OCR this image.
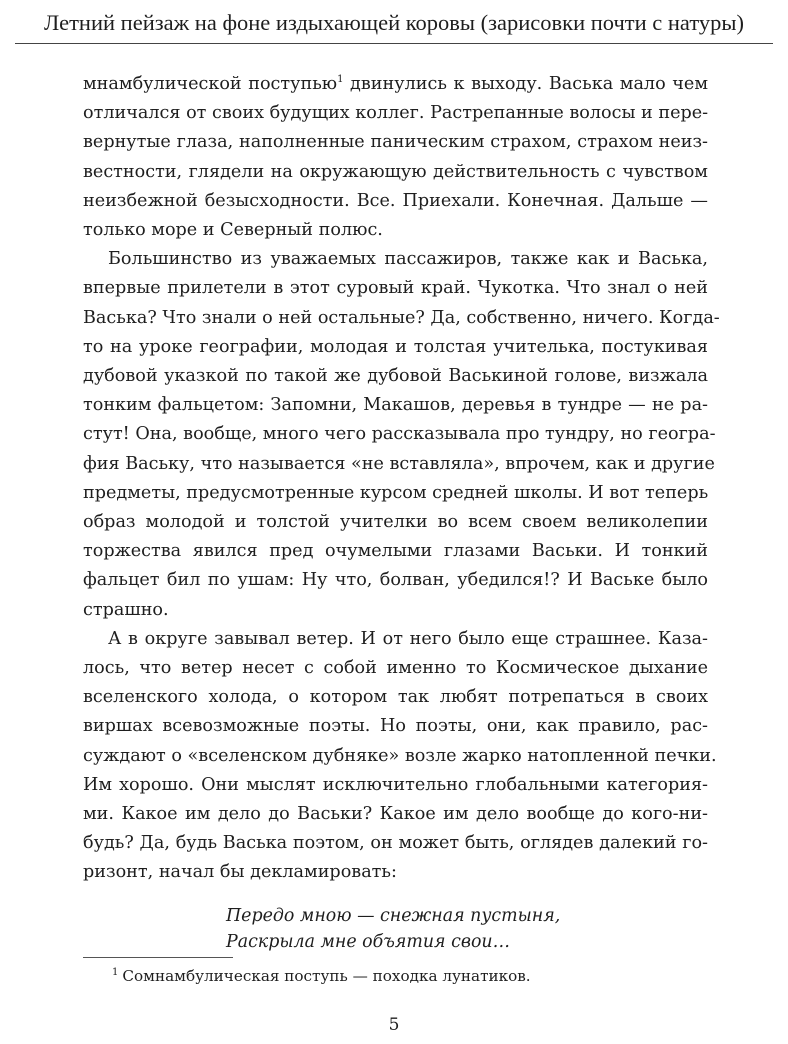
Летний пейзаж на фоне издыхающей коровы (зарисовки почти с натуры)
мнамбулической поступью$^1$ двинулись к выходу. Васька мало чем
отличался от своих будущих коллег. Растрепанные волосы и пере-
вернутые глаза, наполненные паническим страхом, страхом неиз-
вестности, глядели на окружающую действительность с чувством
неизбежной безысходности. Все. Приехали. Конечная. Дальше —
только море и Северный полюс.
Большинство из уважаемых пассажиров, также как и Васька,
впервые прилетели в этот суровый край. Чукотка. Что знал о ней
Васька? Что знали о ней остальные? Да, собственно, ничего. Когда-
то на уроке географии, молодая и толстая учителька, постукивая
дубовой указкой по такой же дубовой Васькиной голове, визжала
тонким фальцетом: Запомни, Макашов, деревья в тундре — не ра-
стут! Она, вообще, много чего рассказывала про тундру, но геогра-
фия Ваську, что называется «не вставляла», впрочем, как и другие
предметы, предусмотренные курсом средней школы. И вот теперь
образ молодой и толстой учителки во всем своем великолепии
торжества явился пред очумелыми глазами Васьки. И тонкий
фальцет бил по ушам: Ну что, болван, убедился!? И Ваське было
страшно.
А в округе завывал ветер. И от него было еще страшнее. Каза-
лось, что ветер несет с собой именно то Космическое дыхание
вселенского холода, о котором так любят потрепаться в своих
виршах всевозможные поэты. Но поэты, они, как правило, рас-
суждают о «вселенском дубняке» возле жарко натопленной печки.
Им хорошо. Они мыслят исключительно глобальными категория-
ми. Какое им дело до Васьки? Какое им дело вообще до кого-ни-
будь? Да, будь Васька поэтом, он может быть, оглядев далекий го-
ризонт, начал бы декламировать:
$^1$ Сомнамбулическая поступь — походка лунатиков.
5
Передо мною — снежная пустыня,
Раскрыла мне объятия свои…
